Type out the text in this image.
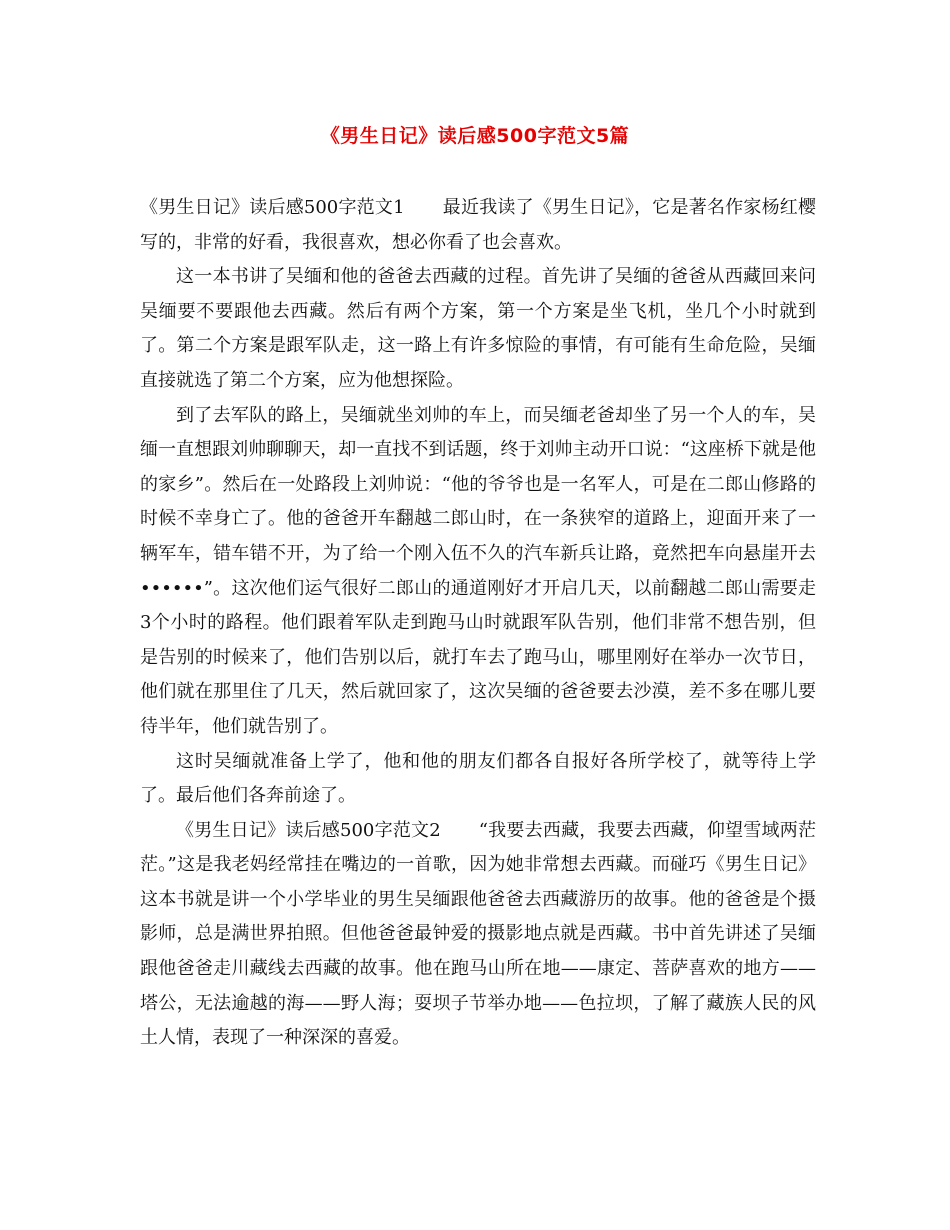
《男生日记》读后感500字范文5篇

《男生日记》读后感500字范文1 最近我读了《男生日记》，它是著名作家杨红樱写的，非常的好看，我很喜欢，想必你看了也会喜欢。

这一本书讲了吴缅和他的爸爸去西藏的过程。首先讲了吴缅的爸爸从西藏回来问吴缅要不要跟他去西藏。然后有两个方案，第一个方案是坐飞机，坐几个小时就到了。第二个方案是跟军队走，这一路上有许多惊险的事情，有可能有生命危险，吴缅直接就选了第二个方案，应为他想探险。

到了去军队的路上，吴缅就坐刘帅的车上，而吴缅老爸却坐了另一个人的车，吴缅一直想跟刘帅聊聊天，却一直找不到话题，终于刘帅主动开口说：“这座桥下就是他的家乡”。然后在一处路段上刘帅说：“他的爷爷也是一名军人，可是在二郎山修路的时候不幸身亡了。他的爸爸开车翻越二郎山时，在一条狭窄的道路上，迎面开来了一辆军车，错车错不开，为了给一个刚入伍不久的汽车新兵让路，竟然把车向悬崖开去••••••”。这次他们运气很好二郎山的通道刚好才开启几天，以前翻越二郎山需要走3个小时的路程。他们跟着军队走到跑马山时就跟军队告别，他们非常不想告别，但是告别的时候来了，他们告别以后，就打车去了跑马山，哪里刚好在举办一次节日，他们就在那里住了几天，然后就回家了，这次吴缅的爸爸要去沙漠，差不多在哪儿要待半年，他们就告别了。

这时吴缅就准备上学了，他和他的朋友们都各自报好各所学校了，就等待上学了。最后他们各奔前途了。

《男生日记》读后感500字范文2 “我要去西藏，我要去西藏，仰望雪域两茫茫。”这是我老妈经常挂在嘴边的一首歌，因为她非常想去西藏。而碰巧《男生日记》这本书就是讲一个小学毕业的男生吴缅跟他爸爸去西藏游历的故事。他的爸爸是个摄影师，总是满世界拍照。但他爸爸最钟爱的摄影地点就是西藏。书中首先讲述了吴缅跟他爸爸走川藏线去西藏的故事。他在跑马山所在地——康定、菩萨喜欢的地方——塔公，无法逾越的海——野人海；耍坝子节举办地——色拉坝，了解了藏族人民的风土人情，表现了一种深深的喜爱。
